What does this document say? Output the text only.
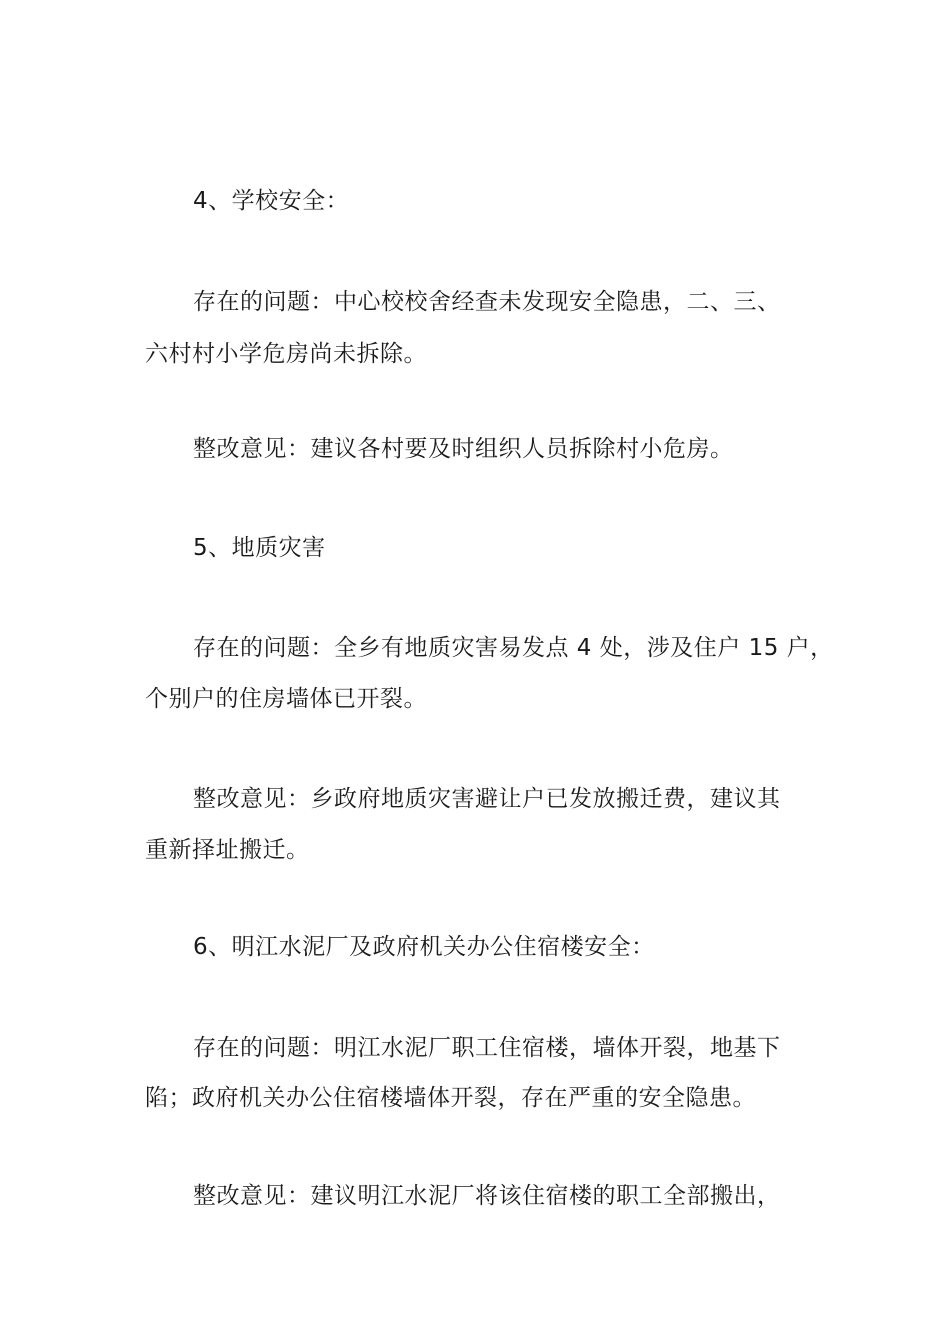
4、学校安全：
存在的问题：中心校校舍经查未发现安全隐患，二、三、
六村村小学危房尚未拆除。
整改意见：建议各村要及时组织人员拆除村小危房。
5、地质灾害
存在的问题：全乡有地质灾害易发点 4 处，涉及住户 15 户，
个别户的住房墙体已开裂。
整改意见：乡政府地质灾害避让户已发放搬迁费，建议其
重新择址搬迁。
6、明江水泥厂及政府机关办公住宿楼安全：
存在的问题：明江水泥厂职工住宿楼，墙体开裂，地基下
陷；政府机关办公住宿楼墙体开裂，存在严重的安全隐患。
整改意见：建议明江水泥厂将该住宿楼的职工全部搬出，
